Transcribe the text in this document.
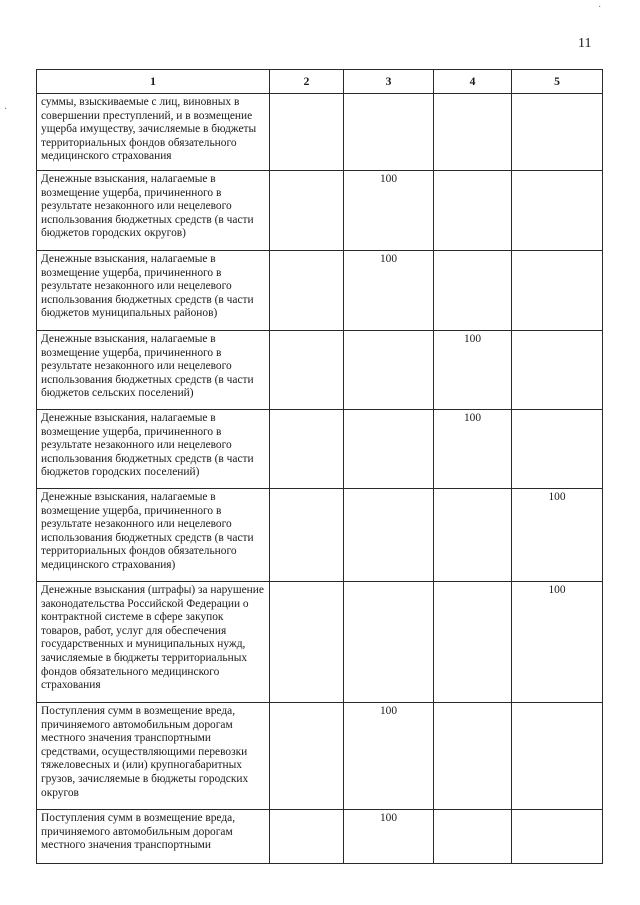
11
·
·
1	2	3	4	5
суммы, взыскиваемые с лиц, виновных в совершении преступлений, и в возмещение ущерба имуществу, зачисляемые в бюджеты территориальных фондов обязательного медицинского страхования				
Денежные взыскания, налагаемые в возмещение ущерба, причиненного в результате незаконного или нецелевого использования бюджетных средств (в части бюджетов городских округов)		100		
Денежные взыскания, налагаемые в возмещение ущерба, причиненного в результате незаконного или нецелевого использования бюджетных средств (в части бюджетов муниципальных районов)		100		
Денежные взыскания, налагаемые в возмещение ущерба, причиненного в результате незаконного или нецелевого использования бюджетных средств (в части бюджетов сельских поселений)			100	
Денежные взыскания, налагаемые в возмещение ущерба, причиненного в результате незаконного или нецелевого использования бюджетных средств (в части бюджетов городских поселений)			100	
Денежные взыскания, налагаемые в возмещение ущерба, причиненного в результате незаконного или нецелевого использования бюджетных средств (в части территориальных фондов обязательного медицинского страхования)				100
Денежные взыскания (штрафы) за нарушение законодательства Российской Федерации о контрактной системе в сфере закупок товаров, работ, услуг для обеспечения государственных и муниципальных нужд, зачисляемые в бюджеты территориальных фондов обязательного медицинского страхования				100
Поступления сумм в возмещение вреда, причиняемого автомобильным дорогам местного значения транспортными средствами, осуществляющими перевозки тяжеловесных и (или) крупногабаритных грузов, зачисляемые в бюджеты городских округов		100		
Поступления сумм в возмещение вреда, причиняемого автомобильным дорогам местного значения транспортными		100		
